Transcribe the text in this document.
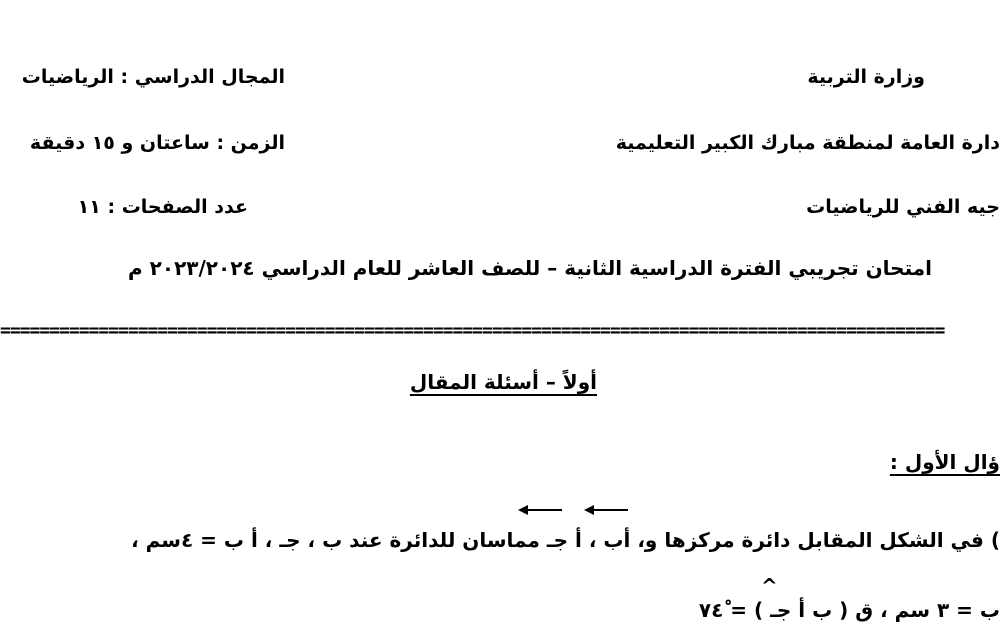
وزارة التربية
المجال الدراسي : الرياضيات
دارة العامة لمنطقة مبارك الكبير التعليمية
الزمن : ساعتان و ١٥ دقيقة
جيه الفني للرياضيات
عدد الصفحات : ١١
امتحان تجريبي الفترة الدراسية الثانية – للصف العاشر للعام الدراسي ٢٠٢٣/٢٠٢٤ م
================================================================================================
أولاً – أسئلة المقال
ؤال الأول :
) في الشكل المقابل دائرة مركزها و، أب ، أ جـ مماسان للدائرة عند ب ، جـ ، أ ب = ٤سم ،
^
ب = ٣ سم ، ق ( ب أ جـ ) = ٧٤ْ
